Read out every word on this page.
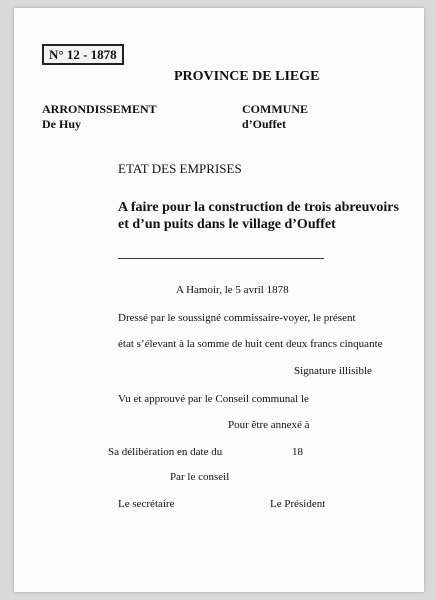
N° 12 - 1878
PROVINCE DE LIEGE
ARRONDISSEMENT
De Huy
COMMUNE
d’Ouffet
ETAT DES EMPRISES
A faire pour la construction de trois abreuvoirs
et d’un puits dans le village d’Ouffet
A Hamoir, le 5 avril 1878
Dressé par le soussigné commissaire-voyer, le présent
état s’élevant à la somme de huit cent deux francs cinquante
Signature illisible
Vu et approuvé par le Conseil communal le
Pour être annexé à
Sa délibération en date du	18
Par le conseil
Le secrétaire	Le Président
